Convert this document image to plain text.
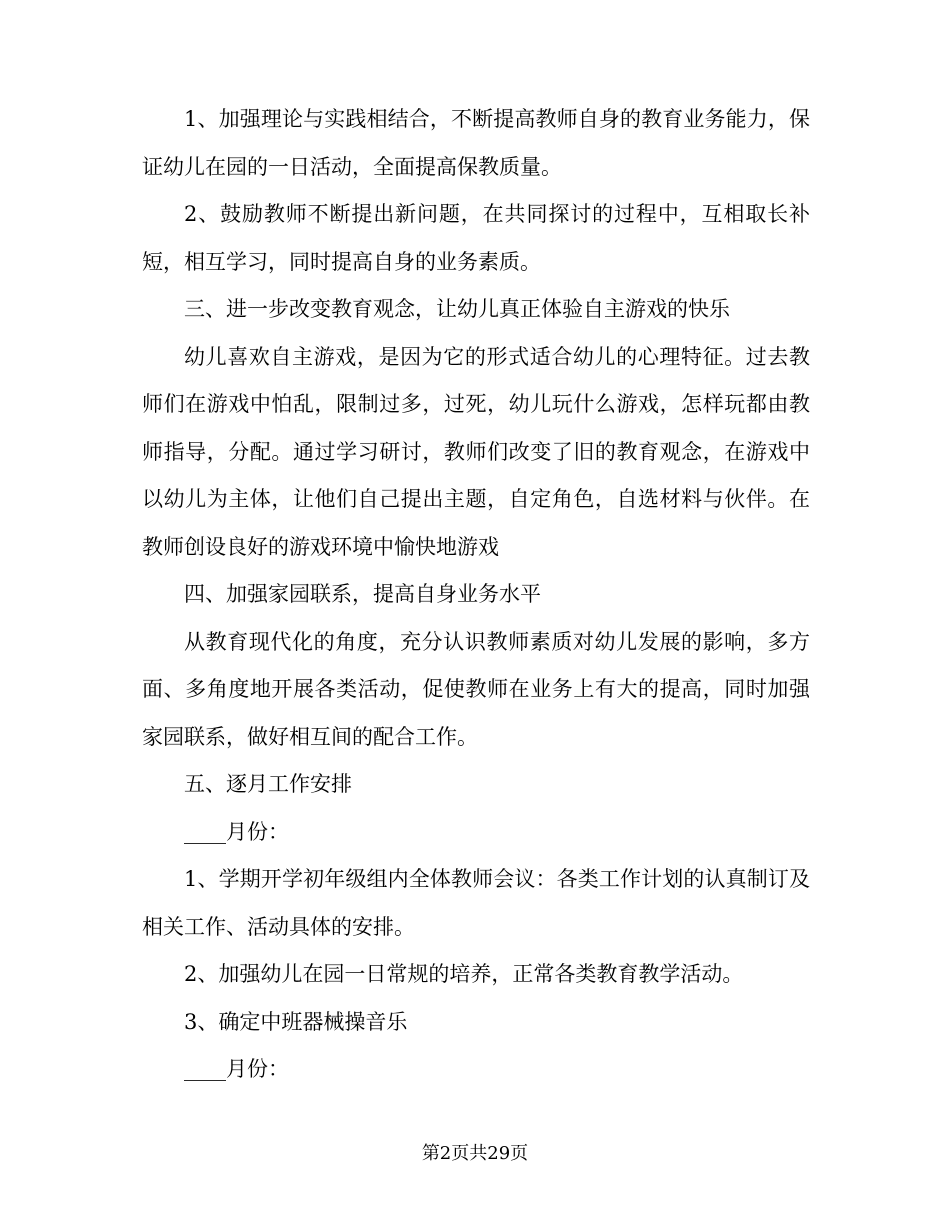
1、加强理论与实践相结合，不断提高教师自身的教育业务能力，保证幼儿在园的一日活动，全面提高保教质量。

2、鼓励教师不断提出新问题，在共同探讨的过程中，互相取长补短，相互学习，同时提高自身的业务素质。

三、进一步改变教育观念，让幼儿真正体验自主游戏的快乐

幼儿喜欢自主游戏，是因为它的形式适合幼儿的心理特征。过去教师们在游戏中怕乱，限制过多，过死，幼儿玩什么游戏，怎样玩都由教师指导，分配。通过学习研讨，教师们改变了旧的教育观念，在游戏中以幼儿为主体，让他们自己提出主题，自定角色，自选材料与伙伴。在教师创设良好的游戏环境中愉快地游戏

四、加强家园联系，提高自身业务水平

从教育现代化的角度，充分认识教师素质对幼儿发展的影响，多方面、多角度地开展各类活动，促使教师在业务上有大的提高，同时加强家园联系，做好相互间的配合工作。

五、逐月工作安排

____月份：

1、学期开学初年级组内全体教师会议：各类工作计划的认真制订及相关工作、活动具体的安排。

2、加强幼儿在园一日常规的培养，正常各类教育教学活动。

3、确定中班器械操音乐

____月份：

第2页共29页
